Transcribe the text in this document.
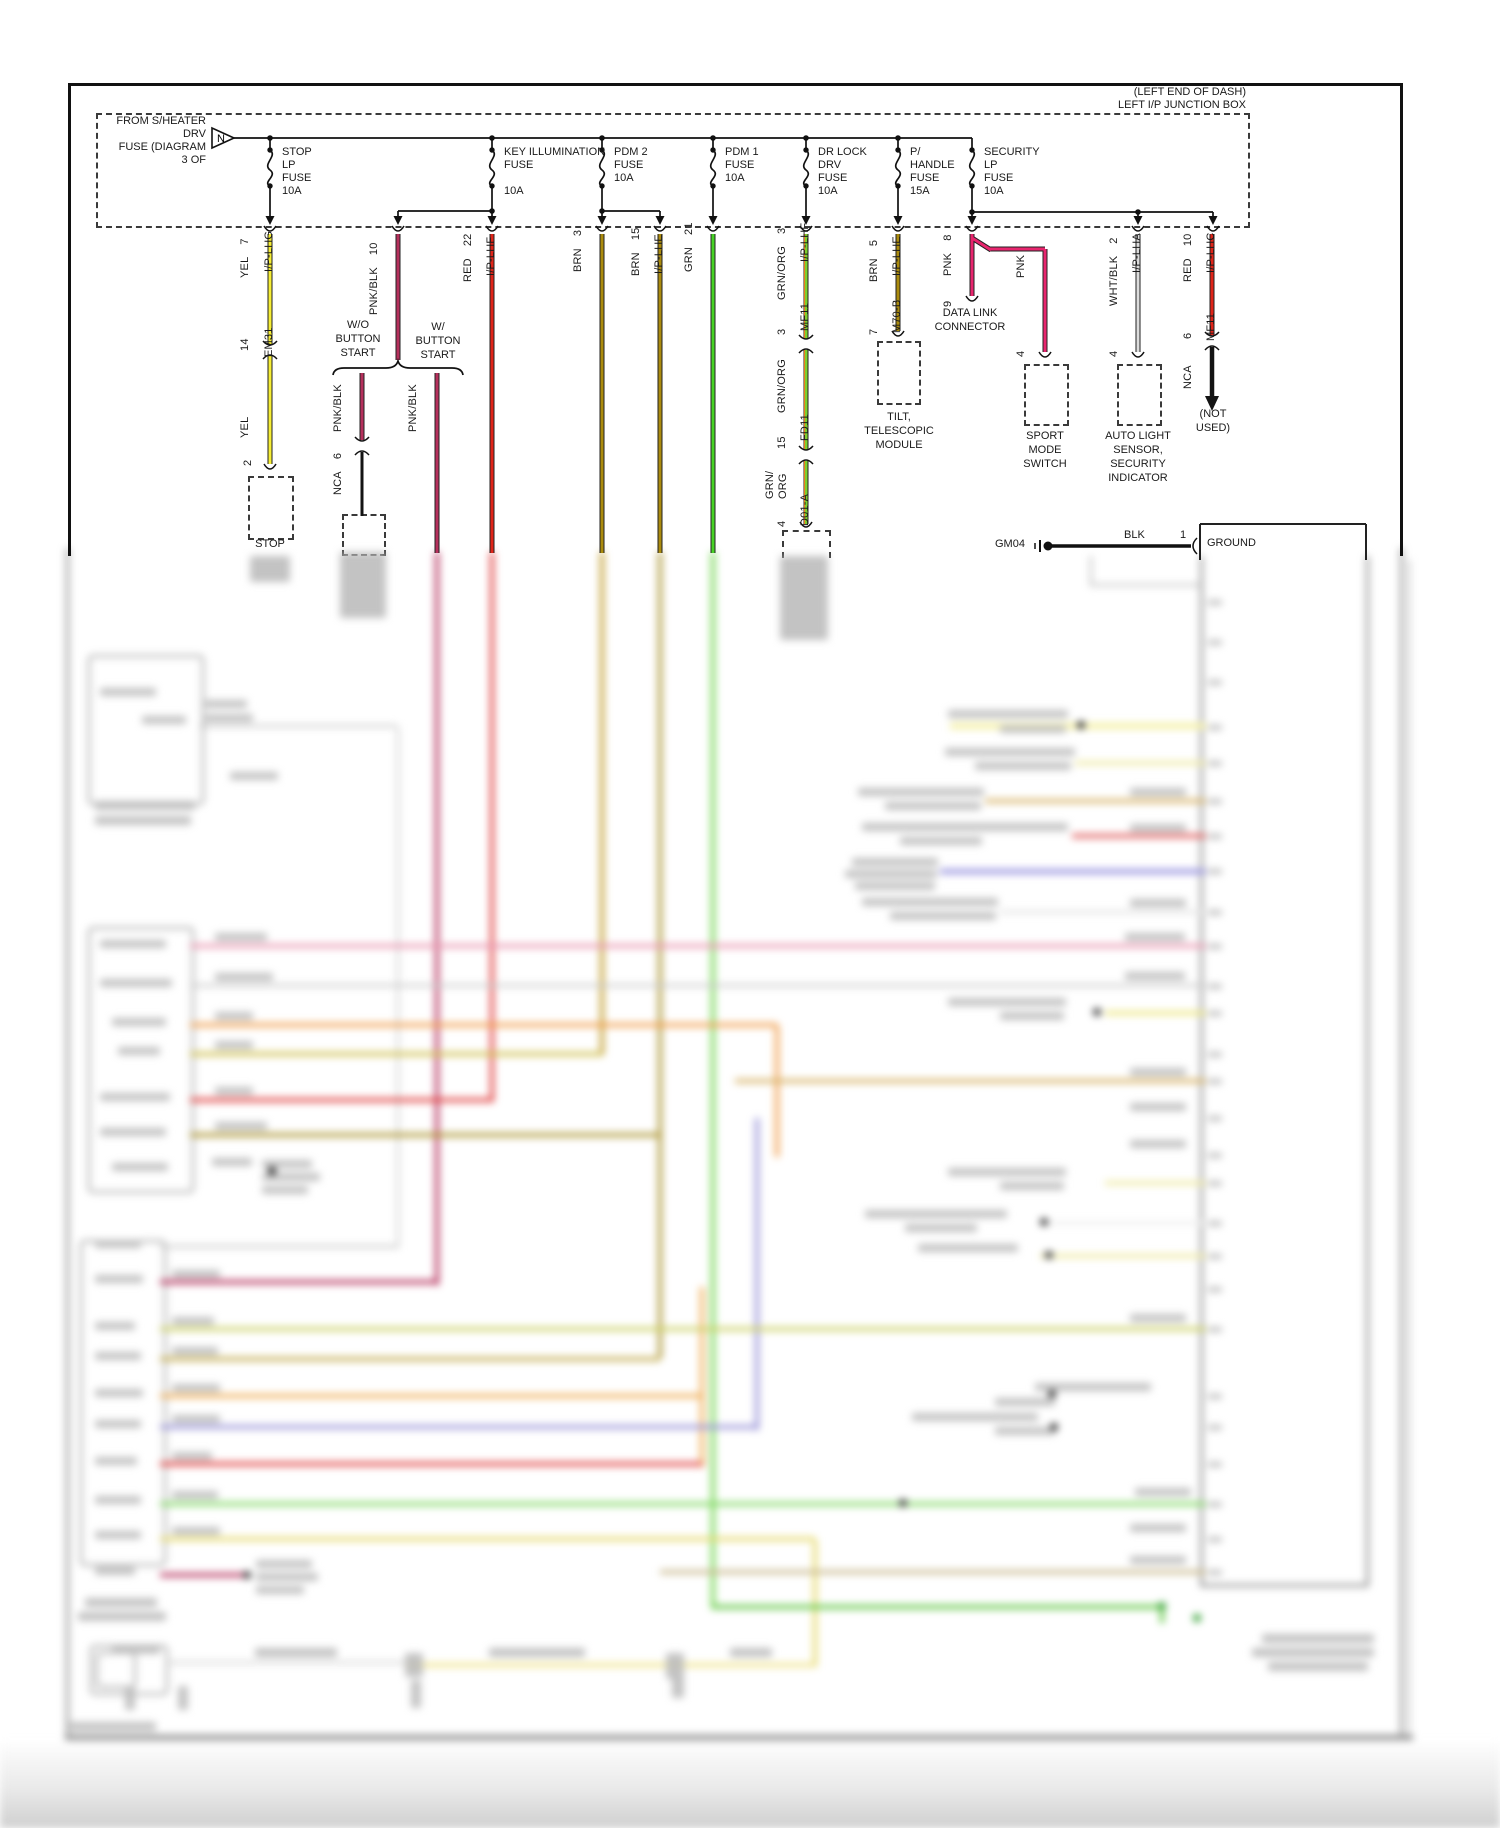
N
(LEFT END OF DASH)
LEFT I/P JUNCTION BOX
FROM S/HEATER
DRV
FUSE (DIAGRAM
3 OF
STOP
LP
FUSE
10A
KEY ILLUMINATION
FUSE
10A
PDM 2
FUSE
10A
PDM 1
FUSE
10A
DR LOCK
DRV
FUSE
10A
P/
HANDLE
FUSE
15A
SECURITY
LP
FUSE
10A
YEL7 I/P-LHG
14 EM31
YEL
2
PNK/BLK10
W/O
BUTTON
START
W/
BUTTON
START
PNK/BLK
NCA6
PNK/BLK
RED22 I/P-LHF	BRN3
BRN15
I/P-LHE GRN21
GRN/ORG3 I/P-LHF
3
MF11
GRN/ORG
15
FD11
GRN/ ORG
4 D01-A
BRN5 I/P-LHE
7 M70-B
PNK8
9
PNK
4
WHT/BLK2 I/P-LHA
4
RED10 I/P-LHC
6 MF11
NCA
DATA LINK
CONNECTOR
TILT,
TELESCOPIC
MODULE
SPORT
MODE
SWITCH
AUTO LIGHT
SENSOR,
SECURITY
INDICATOR
(NOT
USED)
STOP	GM04
BLK	1
GROUND
